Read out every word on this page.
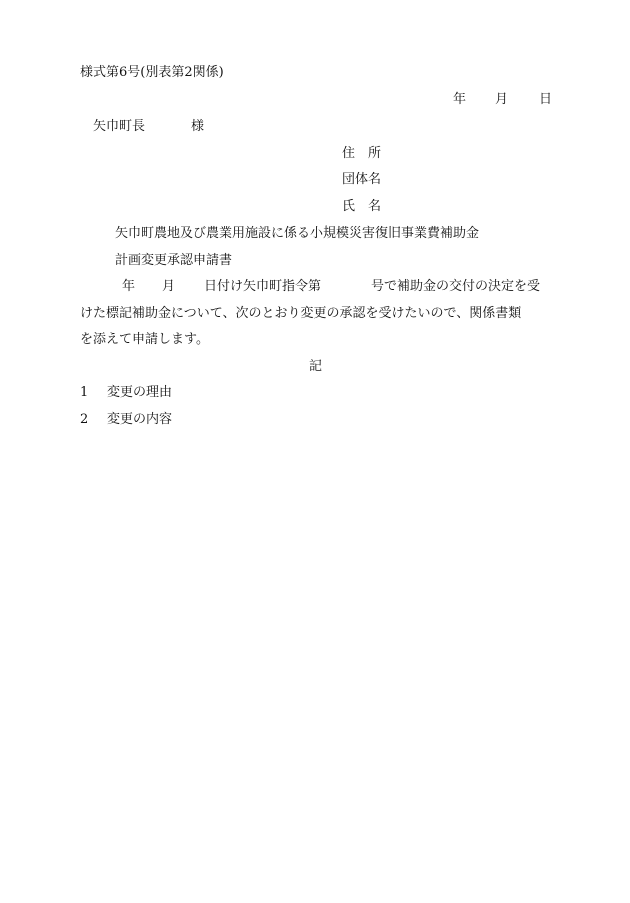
様式第6号(別表第2関係)
年 月 日
矢巾町長	様
住　所
団体名
氏　名
矢巾町農地及び農業用施設に係る小規模災害復旧事業費補助金
計画変更承認申請書
年 月 日付け矢巾町指令第	号で補助金の交付の決定を受
けた標記補助金について、次のとおり変更の承認を受けたいので、関係書類
を添えて申請します。
記
1 変更の理由
2 変更の内容
